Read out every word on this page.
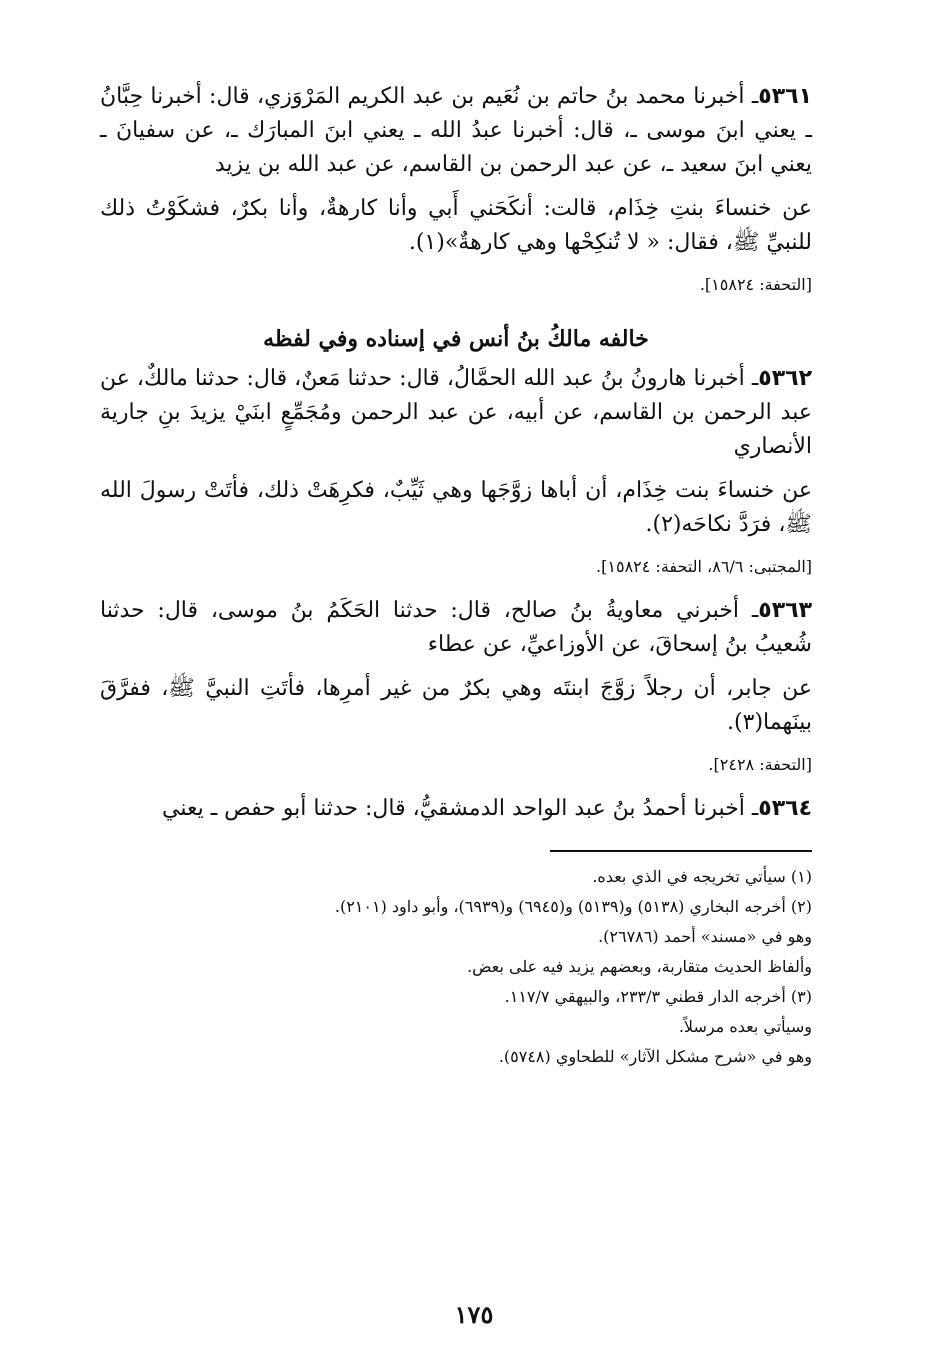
٥٣٦١ـ أخبرنا محمد بنُ حاتم بن نُعَيم بن عبد الكريم المَرْوَزي، قال: أخبرنا حِبَّانُ ـ يعني ابنَ موسى ـ، قال: أخبرنا عبدُ الله ـ يعني ابنَ المبارَك ـ، عن سفيانَ ـ يعني ابنَ سعيد ـ، عن عبد الرحمن بن القاسم، عن عبد الله بن يزيد
عن خنساءَ بنتِ خِذَام، قالت: أنكَحَني أَبي وأنا كارهةٌ، وأنا بكرٌ، فشكَوْتُ ذلك للنبيِّ ﷺ، فقال: « لا تُنكِحْها وهي كارهةٌ»(١).
[التحفة: ١٥٨٢٤].
خالفه مالكُ بنُ أنس في إسناده وفي لفظه
٥٣٦٢ـ أخبرنا هارونُ بنُ عبد الله الحمَّالُ، قال: حدثنا مَعنٌ، قال: حدثنا مالكٌ، عن عبد الرحمن بن القاسم، عن أبيه، عن عبد الرحمن ومُجَمِّعٍ ابنَيْ يزيدَ بنِ جارية الأنصاري
عن خنساءَ بنت خِذَام، أن أباها زوَّجَها وهي ثَيِّبٌ، فكرِهَتْ ذلك، فأتَتْ رسولَ الله ﷺ، فرَدَّ نكاحَه(٢).
[المجتبى: ٨٦/٦، التحفة: ١٥٨٢٤].
٥٣٦٣ـ أخبرني معاويةُ بنُ صالح، قال: حدثنا الحَكَمُ بنُ موسى، قال: حدثنا شُعيبُ بنُ إسحاقَ، عن الأوزاعيِّ، عن عطاء
عن جابر، أن رجلاً زوَّجَ ابنتَه وهي بكرٌ من غير أمرِها، فأتَتِ النبيَّ ﷺ، ففرَّقَ بينَهما(٣).
[التحفة: ٢٤٢٨].
٥٣٦٤ـ أخبرنا أحمدُ بنُ عبد الواحد الدمشقيُّ، قال: حدثنا أبو حفص ـ يعني
(١) سيأتي تخريجه في الذي بعده.
(٢) أخرجه البخاري (٥١٣٨) و(٥١٣٩) و(٦٩٤٥) و(٦٩٣٩)، وأبو داود (٢١٠١).
وهو في «مسند» أحمد (٢٦٧٨٦).
وألفاظ الحديث متقاربة، وبعضهم يزيد فيه على بعض.
(٣) أخرجه الدار قطني ٢٣٣/٣، والبيهقي ١١٧/٧.
وسيأتي بعده مرسلاً.
وهو في «شرح مشكل الآثار» للطحاوي (٥٧٤٨).
١٧٥
